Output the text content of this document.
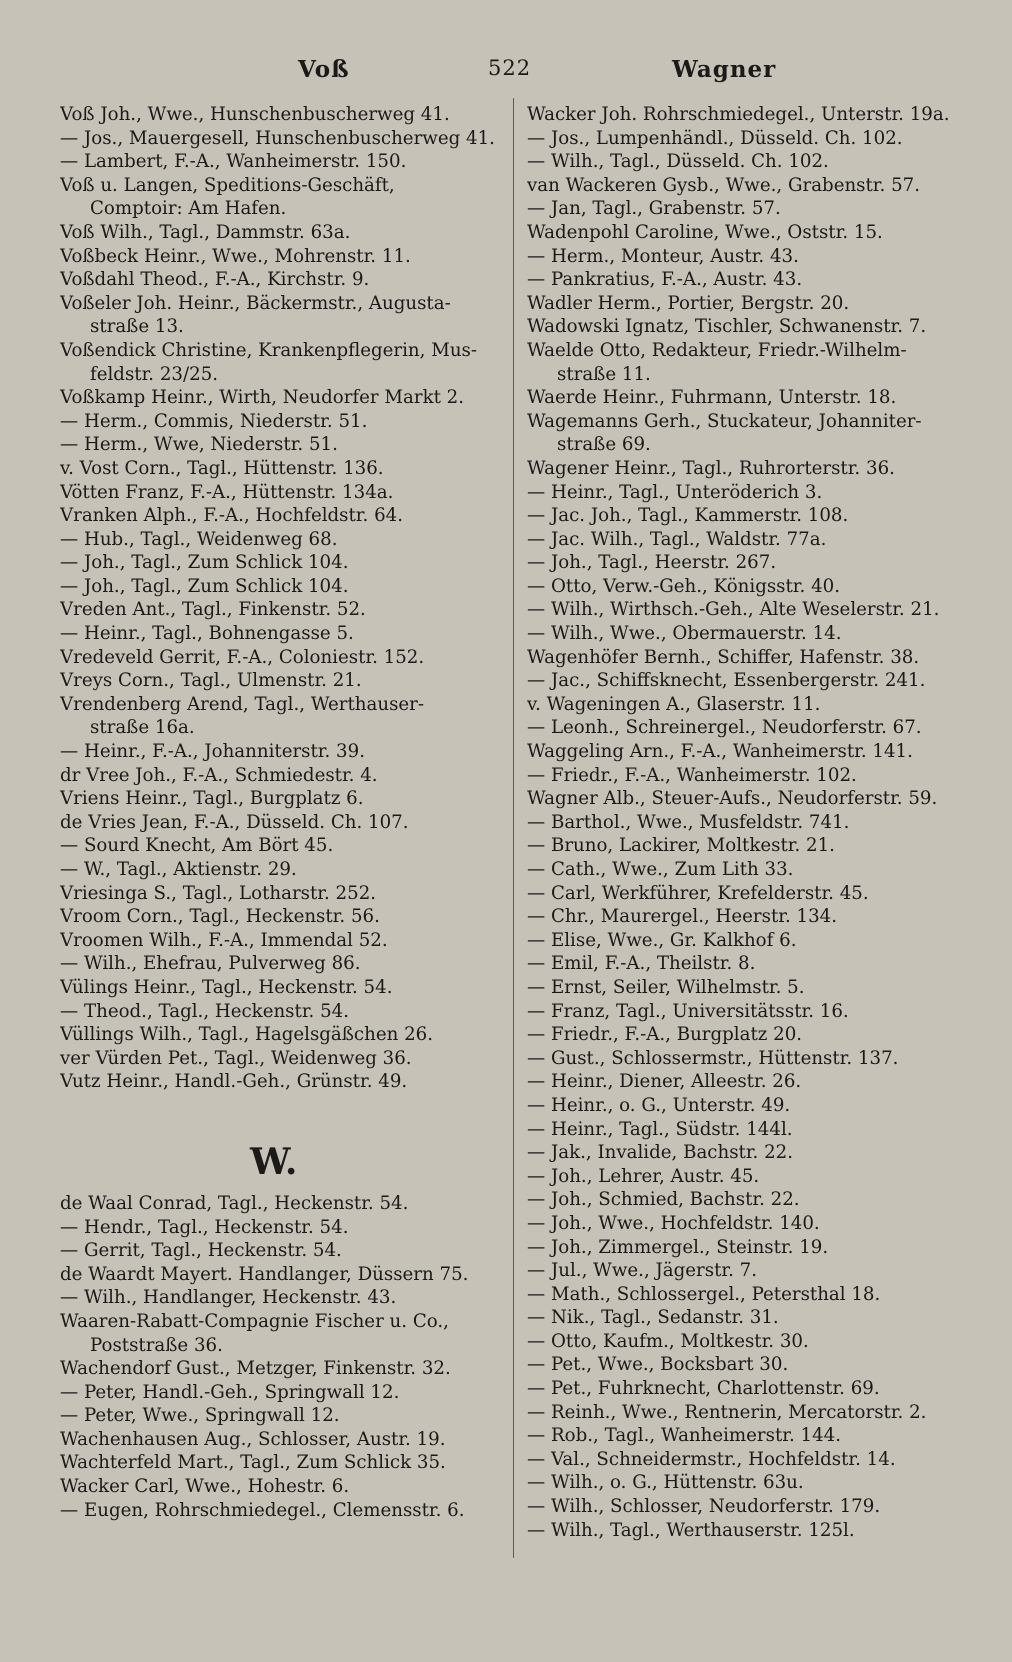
Voß	522	Wagner
Voß Joh., Wwe., Hunschenbuscherweg 41.
— Jos., Mauergesell, Hunschenbuscherweg 41.
— Lambert, F.-A., Wanheimerstr. 150.
Voß u. Langen, Speditions-Geschäft,
Comptoir: Am Hafen.
Voß Wilh., Tagl., Dammstr. 63a.
Voßbeck Heinr., Wwe., Mohrenstr. 11.
Voßdahl Theod., F.-A., Kirchstr. 9.
Voßeler Joh. Heinr., Bäckermstr., Augusta-
straße 13.
Voßendick Christine, Krankenpflegerin, Mus-
feldstr. 23/25.
Voßkamp Heinr., Wirth, Neudorfer Markt 2.
— Herm., Commis, Niederstr. 51.
— Herm., Wwe, Niederstr. 51.
v. Vost Corn., Tagl., Hüttenstr. 136.
Vötten Franz, F.-A., Hüttenstr. 134a.
Vranken Alph., F.-A., Hochfeldstr. 64.
— Hub., Tagl., Weidenweg 68.
— Joh., Tagl., Zum Schlick 104.
— Joh., Tagl., Zum Schlick 104.
Vreden Ant., Tagl., Finkenstr. 52.
— Heinr., Tagl., Bohnengasse 5.
Vredeveld Gerrit, F.-A., Coloniestr. 152.
Vreys Corn., Tagl., Ulmenstr. 21.
Vrendenberg Arend, Tagl., Werthauser-
straße 16a.
— Heinr., F.-A., Johanniterstr. 39.
dr Vree Joh., F.-A., Schmiedestr. 4.
Vriens Heinr., Tagl., Burgplatz 6.
de Vries Jean, F.-A., Düsseld. Ch. 107.
— Sourd Knecht, Am Bört 45.
— W., Tagl., Aktienstr. 29.
Vriesinga S., Tagl., Lotharstr. 252.
Vroom Corn., Tagl., Heckenstr. 56.
Vroomen Wilh., F.-A., Immendal 52.
— Wilh., Ehefrau, Pulverweg 86.
Vülings Heinr., Tagl., Heckenstr. 54.
— Theod., Tagl., Heckenstr. 54.
Vüllings Wilh., Tagl., Hagelsgäßchen 26.
ver Vürden Pet., Tagl., Weidenweg 36.
Vutz Heinr., Handl.-Geh., Grünstr. 49.
W.
de Waal Conrad, Tagl., Heckenstr. 54.
— Hendr., Tagl., Heckenstr. 54.
— Gerrit, Tagl., Heckenstr. 54.
de Waardt Mayert. Handlanger, Düssern 75.
— Wilh., Handlanger, Heckenstr. 43.
Waaren-Rabatt-Compagnie Fischer u. Co.,
Poststraße 36.
Wachendorf Gust., Metzger, Finkenstr. 32.
— Peter, Handl.-Geh., Springwall 12.
— Peter, Wwe., Springwall 12.
Wachenhausen Aug., Schlosser, Austr. 19.
Wachterfeld Mart., Tagl., Zum Schlick 35.
Wacker Carl, Wwe., Hohestr. 6.
— Eugen, Rohrschmiedegel., Clemensstr. 6.
Wacker Joh. Rohrschmiedegel., Unterstr. 19a.
— Jos., Lumpenhändl., Düsseld. Ch. 102.
— Wilh., Tagl., Düsseld. Ch. 102.
van Wackeren Gysb., Wwe., Grabenstr. 57.
— Jan, Tagl., Grabenstr. 57.
Wadenpohl Caroline, Wwe., Oststr. 15.
— Herm., Monteur, Austr. 43.
— Pankratius, F.-A., Austr. 43.
Wadler Herm., Portier, Bergstr. 20.
Wadowski Ignatz, Tischler, Schwanenstr. 7.
Waelde Otto, Redakteur, Friedr.-Wilhelm-
straße 11.
Waerde Heinr., Fuhrmann, Unterstr. 18.
Wagemanns Gerh., Stuckateur, Johanniter-
straße 69.
Wagener Heinr., Tagl., Ruhrorterstr. 36.
— Heinr., Tagl., Unteröderich 3.
— Jac. Joh., Tagl., Kammerstr. 108.
— Jac. Wilh., Tagl., Waldstr. 77a.
— Joh., Tagl., Heerstr. 267.
— Otto, Verw.-Geh., Königsstr. 40.
— Wilh., Wirthsch.-Geh., Alte Weselerstr. 21.
— Wilh., Wwe., Obermauerstr. 14.
Wagenhöfer Bernh., Schiffer, Hafenstr. 38.
— Jac., Schiffsknecht, Essenbergerstr. 241.
v. Wageningen A., Glaserstr. 11.
— Leonh., Schreinergel., Neudorferstr. 67.
Waggeling Arn., F.-A., Wanheimerstr. 141.
— Friedr., F.-A., Wanheimerstr. 102.
Wagner Alb., Steuer-Aufs., Neudorferstr. 59.
— Barthol., Wwe., Musfeldstr. 741.
— Bruno, Lackirer, Moltkestr. 21.
— Cath., Wwe., Zum Lith 33.
— Carl, Werkführer, Krefelderstr. 45.
— Chr., Maurergel., Heerstr. 134.
— Elise, Wwe., Gr. Kalkhof 6.
— Emil, F.-A., Theilstr. 8.
— Ernst, Seiler, Wilhelmstr. 5.
— Franz, Tagl., Universitätsstr. 16.
— Friedr., F.-A., Burgplatz 20.
— Gust., Schlossermstr., Hüttenstr. 137.
— Heinr., Diener, Alleestr. 26.
— Heinr., o. G., Unterstr. 49.
— Heinr., Tagl., Südstr. 144l.
— Jak., Invalide, Bachstr. 22.
— Joh., Lehrer, Austr. 45.
— Joh., Schmied, Bachstr. 22.
— Joh., Wwe., Hochfeldstr. 140.
— Joh., Zimmergel., Steinstr. 19.
— Jul., Wwe., Jägerstr. 7.
— Math., Schlossergel., Petersthal 18.
— Nik., Tagl., Sedanstr. 31.
— Otto, Kaufm., Moltkestr. 30.
— Pet., Wwe., Bocksbart 30.
— Pet., Fuhrknecht, Charlottenstr. 69.
— Reinh., Wwe., Rentnerin, Mercatorstr. 2.
— Rob., Tagl., Wanheimerstr. 144.
— Val., Schneidermstr., Hochfeldstr. 14.
— Wilh., o. G., Hüttenstr. 63u.
— Wilh., Schlosser, Neudorferstr. 179.
— Wilh., Tagl., Werthauserstr. 125l.
